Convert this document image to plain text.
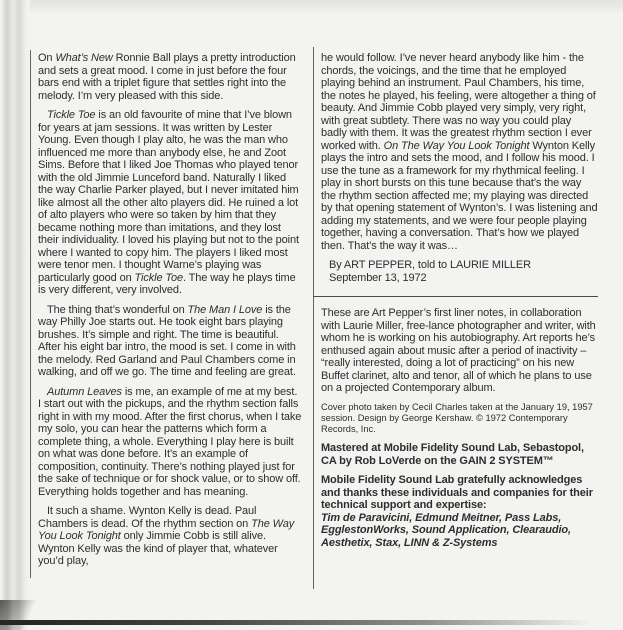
On What’s New Ronnie Ball plays a pretty introduction and sets a great mood. I come in just before the four bars end with a triplet figure that settles right into the melody. I’m very pleased with this side.

Tickle Toe is an old favourite of mine that I’ve blown for years at jam sessions. It was written by Lester Young. Even though I play alto, he was the man who influenced me more than anybody else, he and Zoot Sims. Before that I liked Joe Thomas who played tenor with the old Jimmie Lunceford band. Naturally I liked the way Charlie Parker played, but I never imitated him like almost all the other alto players did. He ruined a lot of alto players who were so taken by him that they became nothing more than imitations, and they lost their individuality. I loved his playing but not to the point where I wanted to copy him. The players I liked most were tenor men. I thought Warne’s playing was particularly good on Tickle Toe. The way he plays time is very different, very involved.

The thing that’s wonderful on The Man I Love is the way Philly Joe starts out. He took eight bars playing brushes. It’s simple and right. The time is beautiful. After his eight bar intro, the mood is set. I come in with the melody. Red Garland and Paul Chambers come in walking, and off we go. The time and feeling are great.

Autumn Leaves is me, an example of me at my best. I start out with the pickups, and the rhythm section falls right in with my mood. After the first chorus, when I take my solo, you can hear the patterns which form a complete thing, a whole. Everything I play here is built on what was done before. It’s an example of composition, continuity. There’s nothing played just for the sake of technique or for shock value, or to show off. Everything holds together and has meaning.

It such a shame. Wynton Kelly is dead. Paul Chambers is dead. Of the rhythm section on The Way You Look Tonight only Jimmie Cobb is still alive. Wynton Kelly was the kind of player that, whatever you’d play,

he would follow. I’ve never heard anybody like him - the chords, the voicings, and the time that he employed playing behind an instrument. Paul Chambers, his time, the notes he played, his feeling, were altogether a thing of beauty. And Jimmie Cobb played very simply, very right, with great subtlety. There was no way you could play badly with them. It was the greatest rhythm section I ever worked with. On The Way You Look Tonight Wynton Kelly plays the intro and sets the mood, and I follow his mood. I use the tune as a framework for my rhythmical feeling. I play in short bursts on this tune because that’s the way the rhythm section affected me; my playing was directed by that opening statement of Wynton’s. I was listening and adding my statements, and we were four people playing together, having a conversation. That’s how we played then. That’s the way it was…

By ART PEPPER, told to LAURIE MILLER
September 13, 1972

These are Art Pepper’s first liner notes, in collaboration with Laurie Miller, free-lance photographer and writer, with whom he is working on his autobiography. Art reports he’s enthused again about music after a period of inactivity – “really interested, doing a lot of practicing” on his new Buffet clarinet, alto and tenor, all of which he plans to use on a projected Contemporary album.

Cover photo taken by Cecil Charles taken at the January 19, 1957 session. Design by George Kershaw. © 1972 Contemporary Records, Inc.

Mastered at Mobile Fidelity Sound Lab, Sebastopol, CA by Rob LoVerde on the GAIN 2 SYSTEM™

Mobile Fidelity Sound Lab gratefully acknowledges and thanks these individuals and companies for their technical support and expertise:
Tim de Paravicini, Edmund Meitner, Pass Labs, EgglestonWorks, Sound Application, Clearaudio, Aesthetix, Stax, LINN & Z-Systems
